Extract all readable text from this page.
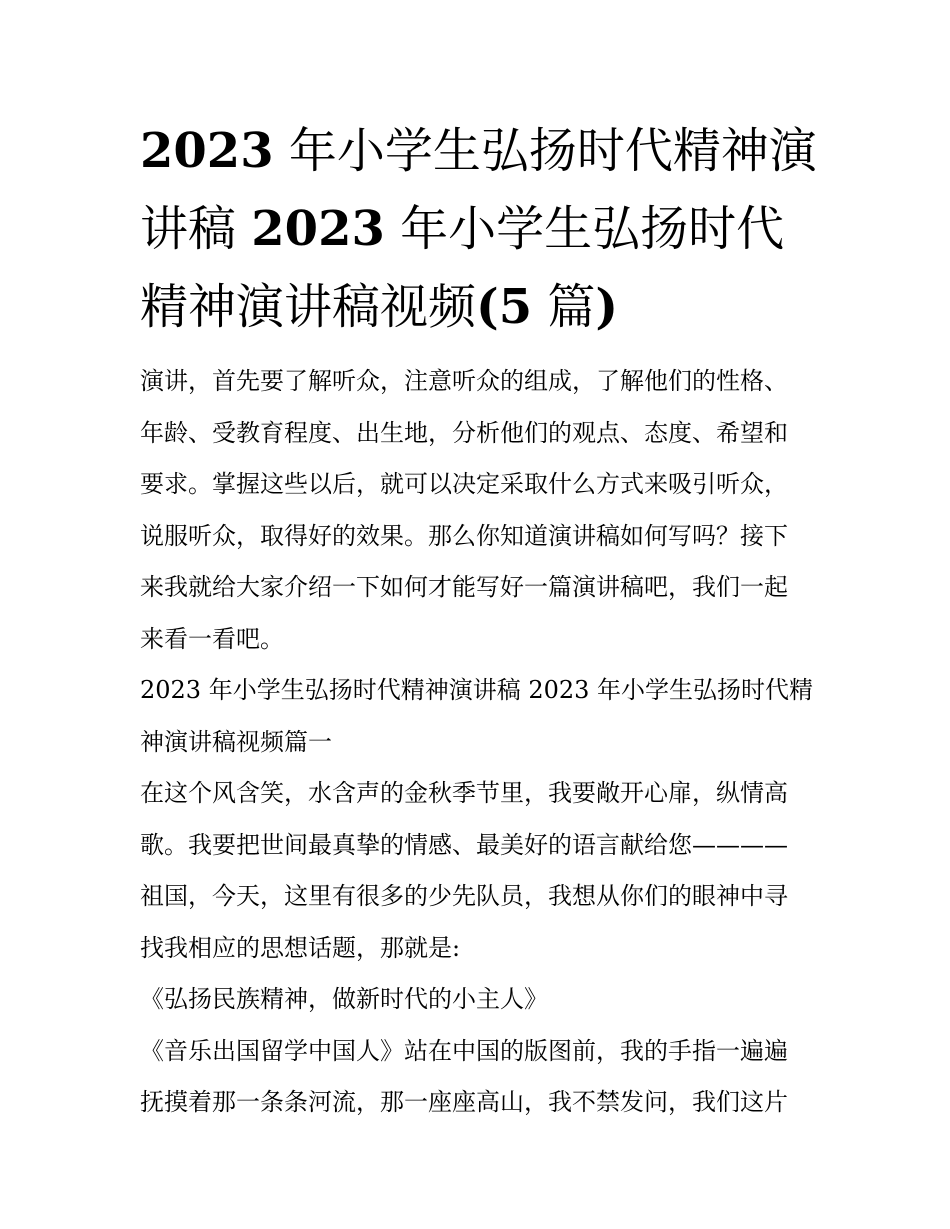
2023 年小学生弘扬时代精神演
讲稿 2023 年小学生弘扬时代
精神演讲稿视频(5 篇)

演讲，首先要了解听众，注意听众的组成，了解他们的性格、
年龄、受教育程度、出生地，分析他们的观点、态度、希望和
要求。掌握这些以后，就可以决定采取什么方式来吸引听众，
说服听众，取得好的效果。那么你知道演讲稿如何写吗？接下
来我就给大家介绍一下如何才能写好一篇演讲稿吧，我们一起
来看一看吧。

2023 年小学生弘扬时代精神演讲稿 2023 年小学生弘扬时代精
神演讲稿视频篇一

在这个风含笑，水含声的金秋季节里，我要敞开心扉，纵情高
歌。我要把世间最真挚的情感、最美好的语言献给您————
祖国，今天，这里有很多的少先队员，我想从你们的眼神中寻
找我相应的思想话题，那就是:

《弘扬民族精神，做新时代的小主人》

《音乐出国留学中国人》站在中国的版图前，我的手指一遍遍
抚摸着那一条条河流，那一座座高山，我不禁发问，我们这片
